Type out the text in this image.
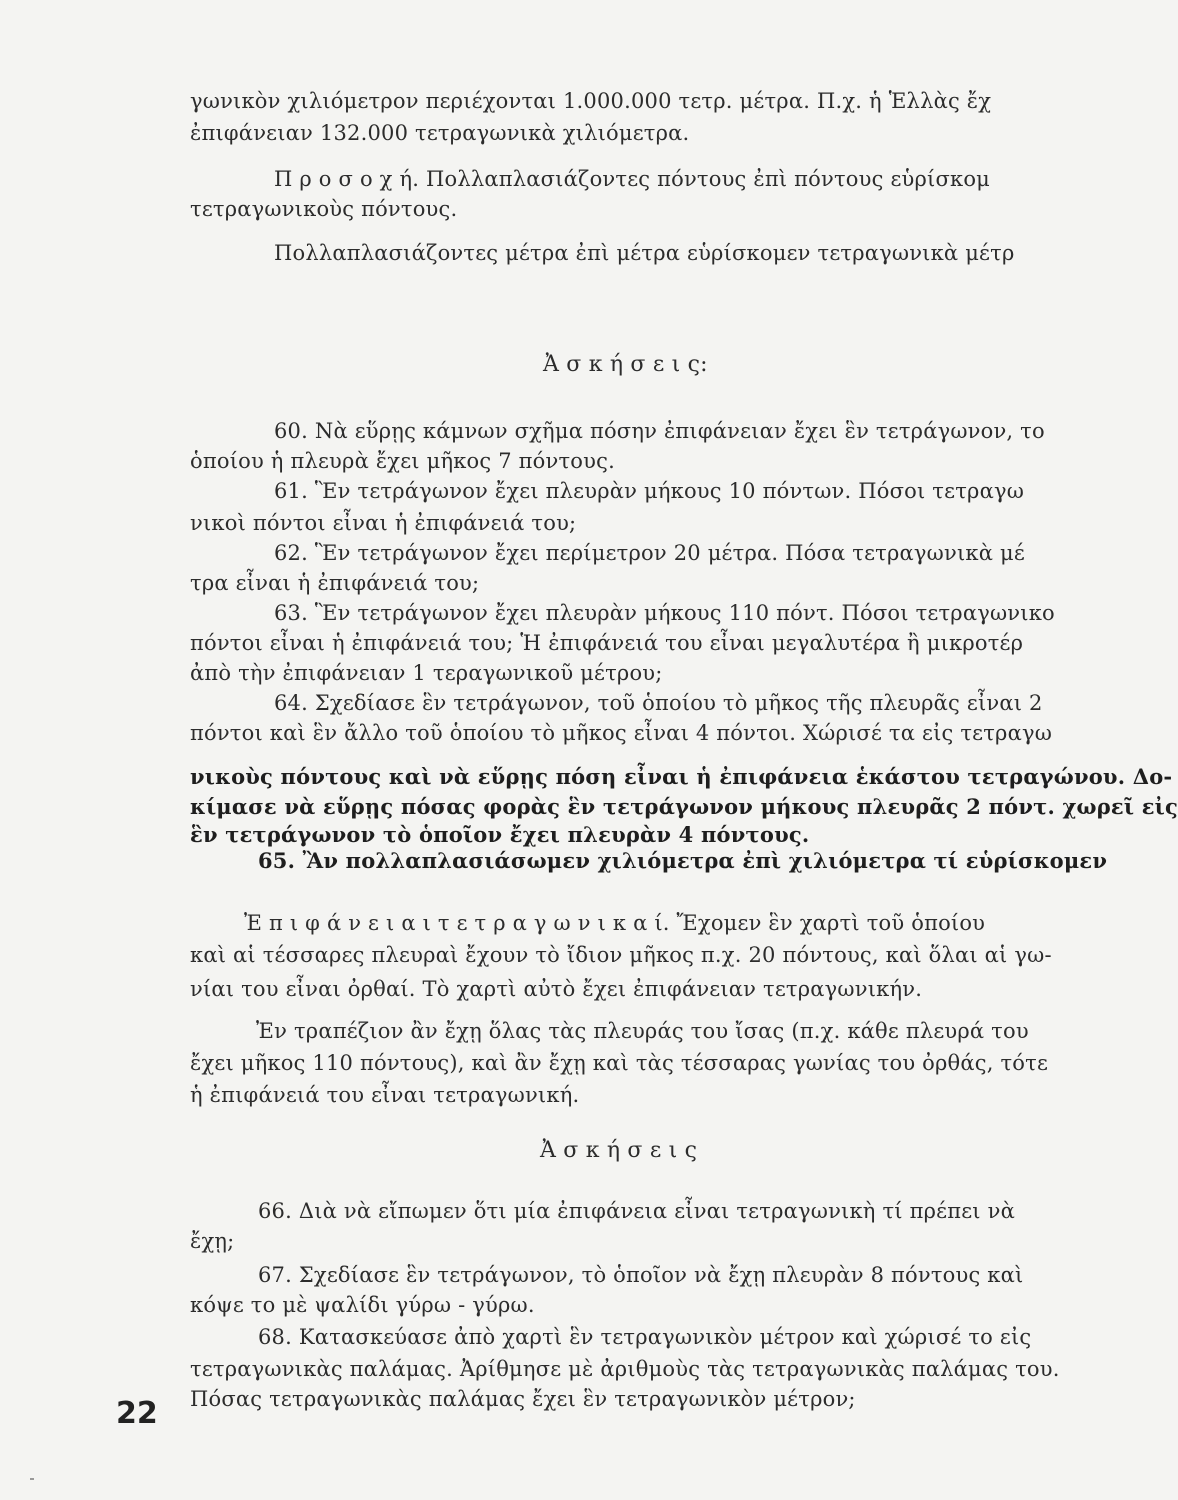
γωνικὸν χιλιόμετρον περιέχονται 1.000.000 τετρ. μέτρα. Π.χ. ἡ Ἑλλὰς ἔχ
ἐπιφάνειαν 132.000 τετραγωνικὰ χιλιόμετρα.
Π ρ ο σ ο χ ή. Πολλαπλασιάζοντες πόντους ἐπὶ πόντους εὑρίσκομ
τετραγωνικοὺς πόντους.
Πολλαπλασιάζοντες μέτρα ἐπὶ μέτρα εὑρίσκομεν τετραγωνικὰ μέτρ
Ἀ σ κ ή σ ε ι ς:
60. Νὰ εὕρῃς κάμνων σχῆμα πόσην ἐπιφάνειαν ἔχει ἓν τετράγωνον, το
ὁποίου ἡ πλευρὰ ἔχει μῆκος 7 πόντους.
61. Ἓν τετράγωνον ἔχει πλευρὰν μήκους 10 πόντων. Πόσοι τετραγω
νικοὶ πόντοι εἶναι ἡ ἐπιφάνειά του;
62. Ἓν τετράγωνον ἔχει περίμετρον 20 μέτρα. Πόσα τετραγωνικὰ μέ
τρα εἶναι ἡ ἐπιφάνειά του;
63. Ἓν τετράγωνον ἔχει πλευρὰν μήκους 110 πόντ. Πόσοι τετραγωνικο
πόντοι εἶναι ἡ ἐπιφάνειά του; Ἡ ἐπιφάνειά του εἶναι μεγαλυτέρα ἢ μικροτέρ
ἀπὸ τὴν ἐπιφάνειαν 1 τεραγωνικοῦ μέτρου;
64. Σχεδίασε ἓν τετράγωνον, τοῦ ὁποίου τὸ μῆκος τῆς πλευρᾶς εἶναι 2
πόντοι καὶ ἓν ἄλλο τοῦ ὁποίου τὸ μῆκος εἶναι 4 πόντοι. Χώρισέ τα εἰς τετραγω
νικοὺς πόντους καὶ νὰ εὕρῃς πόση εἶναι ἡ ἐπιφάνεια ἑκάστου τετραγώνου. Δο-
κίμασε νὰ εὕρῃς πόσας φορὰς ἓν τετράγωνον μήκους πλευρᾶς 2 πόντ. χωρεῖ εἰς
ἓν τετράγωνον τὸ ὁποῖον ἔχει πλευρὰν 4 πόντους.
65. Ἂν πολλαπλασιάσωμεν χιλιόμετρα ἐπὶ χιλιόμετρα τί εὑρίσκομεν
Ἐ π ι φ ά ν ε ι α ι τ ε τ ρ α γ ω ν ι κ α ί. Ἔχομεν ἓν χαρτὶ τοῦ ὁποίου
καὶ αἱ τέσσαρες πλευραὶ ἔχουν τὸ ἴδιον μῆκος π.χ. 20 πόντους, καὶ ὅλαι αἱ γω-
νίαι του εἶναι ὀρθαί. Τὸ χαρτὶ αὐτὸ ἔχει ἐπιφάνειαν τετραγωνικήν.
Ἐν τραπέζιον ἂν ἔχῃ ὅλας τὰς πλευράς του ἴσας (π.χ. κάθε πλευρά του
ἔχει μῆκος 110 πόντους), καὶ ἂν ἔχῃ καὶ τὰς τέσσαρας γωνίας του ὀρθάς, τότε
ἡ ἐπιφάνειά του εἶναι τετραγωνική.
Ἀ σ κ ή σ ε ι ς
66. Διὰ νὰ εἴπωμεν ὅτι μία ἐπιφάνεια εἶναι τετραγωνικὴ τί πρέπει νὰ
ἔχῃ;
67. Σχεδίασε ἓν τετράγωνον, τὸ ὁποῖον νὰ ἔχῃ πλευρὰν 8 πόντους καὶ
κόψε το μὲ ψαλίδι γύρω - γύρω.
68. Κατασκεύασε ἀπὸ χαρτὶ ἓν τετραγωνικὸν μέτρον καὶ χώρισέ το εἰς
τετραγωνικὰς παλάμας. Ἀρίθμησε μὲ ἀριθμοὺς τὰς τετραγωνικὰς παλάμας του.
Πόσας τετραγωνικὰς παλάμας ἔχει ἓν τετραγωνικὸν μέτρον;
22
